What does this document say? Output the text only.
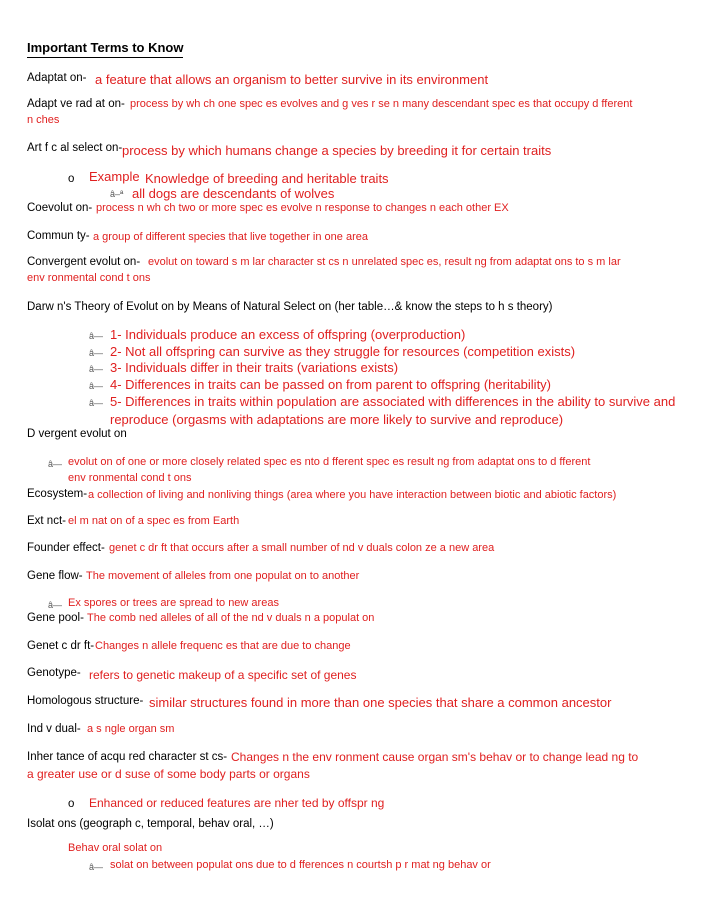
Important Terms to Know
Adaptat on- a feature that allows an organism to better survive in its environment
Adapt ve rad at on- process by wh ch one spec es evolves and g ves r se n many descendant spec es that occupy d fferent
n ches
Art f c al select on- process by which humans change a species by breeding it for certain traits
o Example Knowledge of breeding and heritable traits
â–ª all dogs are descendants of wolves
Coevolut on- process n wh ch two or more spec es evolve n response to changes n each other EX
Commun ty- a group of different species that live together in one area
Convergent evolut on- evolut on toward s m lar character st cs n unrelated spec es, result ng from adaptat ons to s m lar
env ronmental cond t ons
Darw n's Theory of Evolut on by Means of Natural Select on (her table…& know the steps to h s theory)
â— 1- Individuals produce an excess of offspring (overproduction)
â— 2- Not all offspring can survive as they struggle for resources (competition exists)
â— 3- Individuals differ in their traits (variations exists)
â— 4- Differences in traits can be passed on from parent to offspring (heritability)
â— 5- Differences in traits within population are associated with differences in the ability to survive and
reproduce (orgasms with adaptations are more likely to survive and reproduce)
D vergent evolut on
â— evolut on of one or more closely related spec es nto d fferent spec es result ng from adaptat ons to d fferent
env ronmental cond t ons
Ecosystem- a collection of living and nonliving things (area where you have interaction between biotic and abiotic factors)
Ext nct- el m nat on of a spec es from Earth
Founder effect- genet c dr ft that occurs after a small number of nd v duals colon ze a new area
Gene flow- The movement of alleles from one populat on to another
â— Ex spores or trees are spread to new areas
Gene pool- The comb ned alleles of all of the nd v duals n a populat on
Genet c dr ft- Changes n allele frequenc es that are due to change
Genotype- refers to genetic makeup of a specific set of genes
Homologous structure- similar structures found in more than one species that share a common ancestor
Ind v dual- a s ngle organ sm
Inher tance of acqu red character st cs- Changes n the env ronment cause organ sm's behav or to change lead ng to
a greater use or d suse of some body parts or organs
o Enhanced or reduced features are nher ted by offspr ng
Isolat ons (geograph c, temporal, behav oral, …)
Behav oral solat on
â— solat on between populat ons due to d fferences n courtsh p r mat ng behav or
